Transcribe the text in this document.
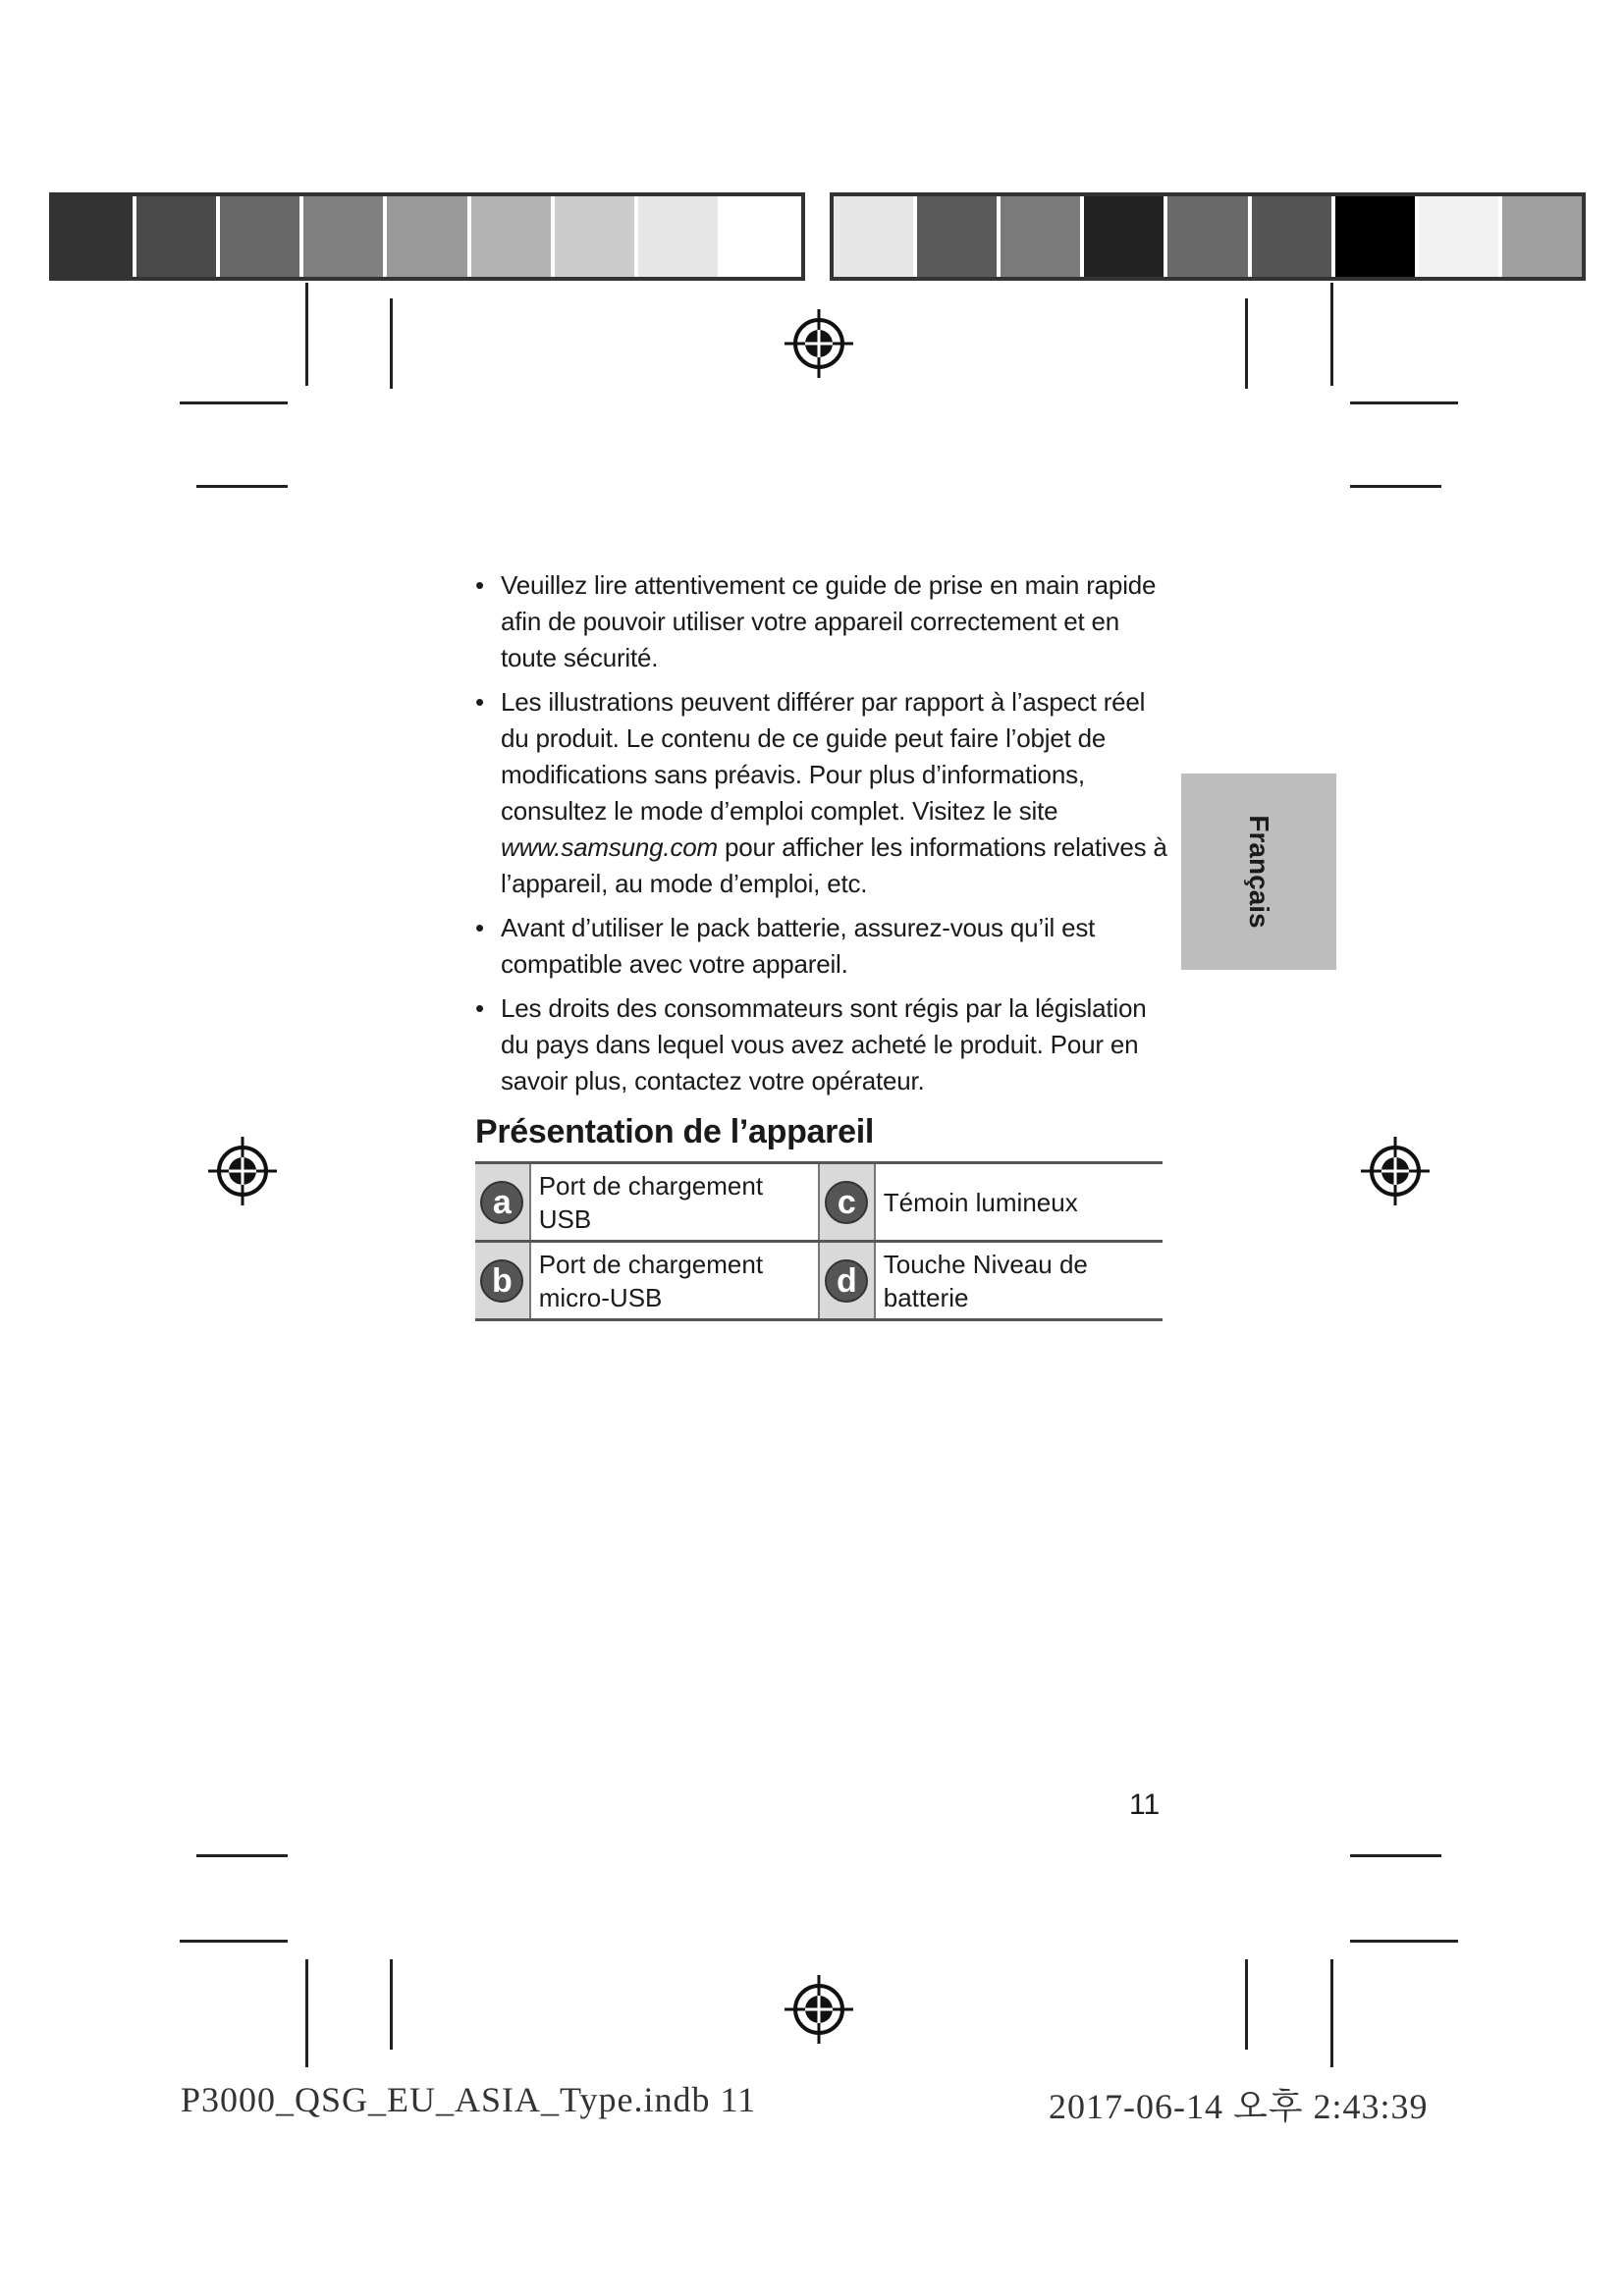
• Veuillez lire attentivement ce guide de prise en main rapide afin de pouvoir utiliser votre appareil correctement et en toute sécurité.
• Les illustrations peuvent différer par rapport à l’aspect réel du produit. Le contenu de ce guide peut faire l’objet de modifications sans préavis. Pour plus d’informations, consultez le mode d’emploi complet. Visitez le site www.samsung.com pour afficher les informations relatives à l’appareil, au mode d’emploi, etc.
• Avant d’utiliser le pack batterie, assurez-vous qu’il est compatible avec votre appareil.
• Les droits des consommateurs sont régis par la législation du pays dans lequel vous avez acheté le produit. Pour en savoir plus, contactez votre opérateur.
Présentation de l’appareil
a	Port de chargement USB	c	Témoin lumineux
b	Port de chargement micro-USB	d	Touche Niveau de batterie
Français
11
P3000_QSG_EU_ASIA_Type.indb 11	2017-06-14 오후 2:43:39
